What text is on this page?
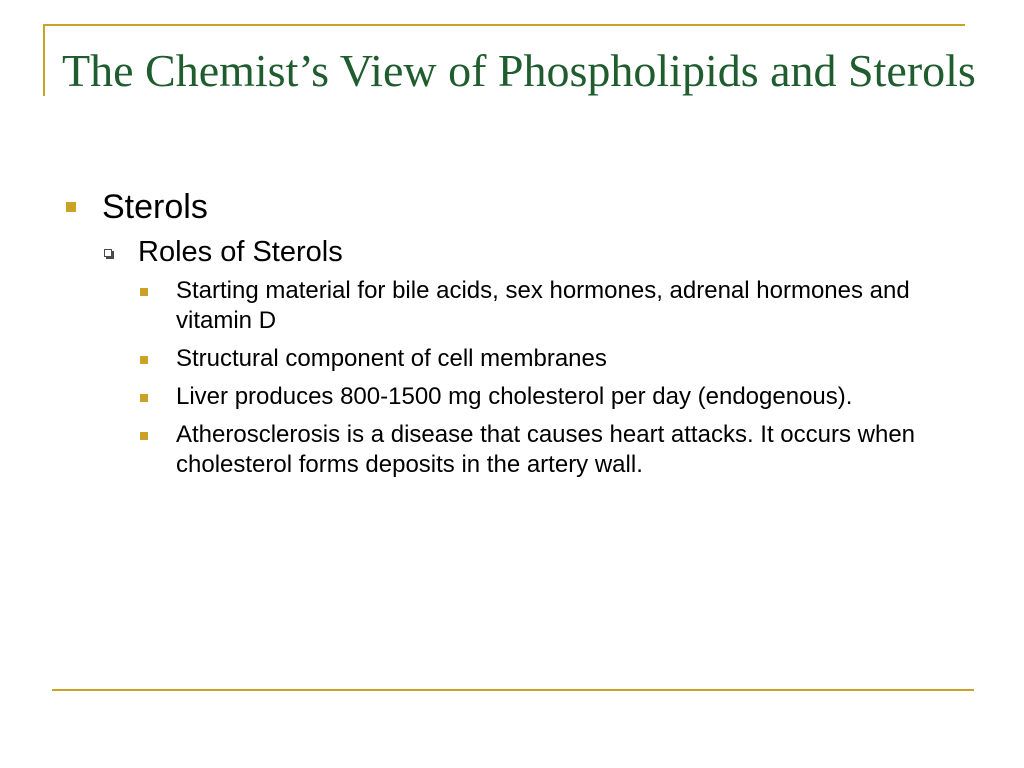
The Chemist’s View of Phospholipids and Sterols
Sterols
Roles of Sterols
Starting material for bile acids, sex hormones, adrenal hormones and vitamin D
Structural component of cell membranes
Liver produces 800-1500 mg cholesterol per day (endogenous).
Atherosclerosis is a disease that causes heart attacks. It occurs when cholesterol forms deposits in the artery wall.
